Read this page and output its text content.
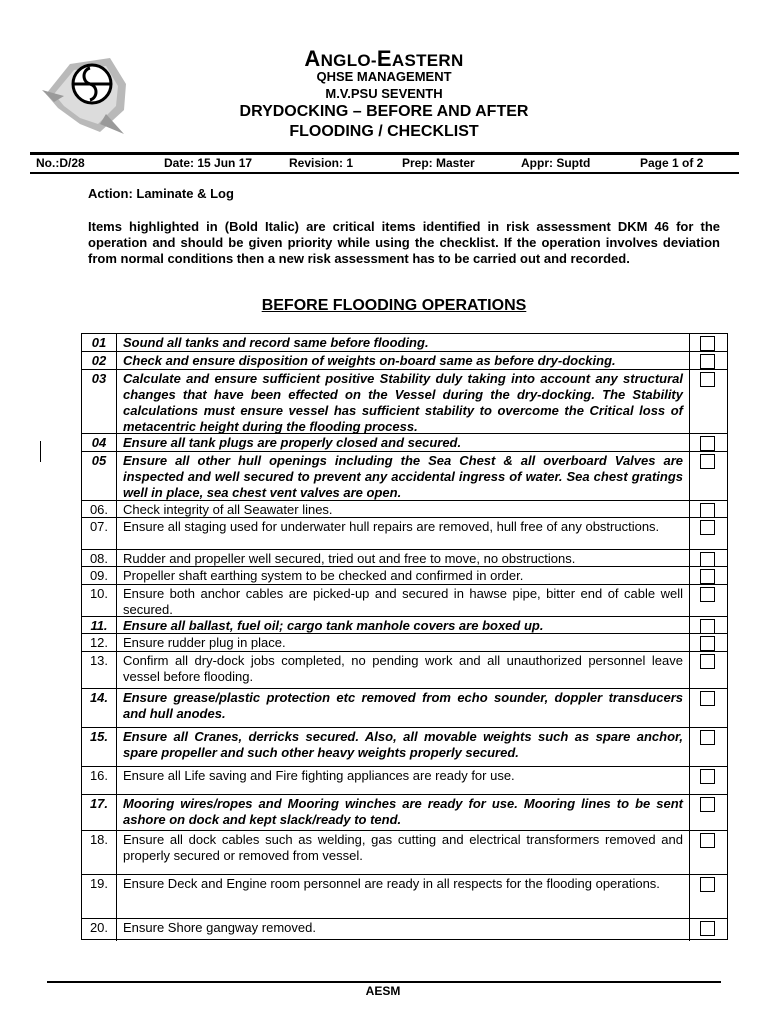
ANGLO-EASTERN
QHSE MANAGEMENT
M.V.PSU SEVENTH
DRYDOCKING – BEFORE AND AFTER
FLOODING / CHECKLIST
No.:D/28	Date: 15 Jun 17	Revision: 1	Prep: Master	Appr: Suptd	Page 1 of 2
Action: Laminate & Log
Items highlighted in (Bold Italic) are critical items identified in risk assessment DKM 46 for the operation and should be given priority while using the checklist. If the operation involves deviation from normal conditions then a new risk assessment has to be carried out and recorded.
BEFORE FLOODING OPERATIONS
01	Sound all tanks and record same before flooding.
02	Check and ensure disposition of weights on-board same as before dry-docking.
03	Calculate and ensure sufficient positive Stability duly taking into account any structural changes that have been effected on the Vessel during the dry-docking. The Stability calculations must ensure vessel has sufficient stability to overcome the Critical loss of metacentric height during the flooding process.
04	Ensure all tank plugs are properly closed and secured.
05	Ensure all other hull openings including the Sea Chest & all overboard Valves are inspected and well secured to prevent any accidental ingress of water. Sea chest gratings well in place, sea chest vent valves are open.
06.	Check integrity of all Seawater lines.
07.	Ensure all staging used for underwater hull repairs are removed, hull free of any obstructions.
08.	Rudder and propeller well secured, tried out and free to move, no obstructions.
09.	Propeller shaft earthing system to be checked and confirmed in order.
10.	Ensure both anchor cables are picked-up and secured in hawse pipe, bitter end of cable well secured.
11.	Ensure all ballast, fuel oil; cargo tank manhole covers are boxed up.
12.	Ensure rudder plug in place.
13.	Confirm all dry-dock jobs completed, no pending work and all unauthorized personnel leave vessel before flooding.
14.	Ensure grease/plastic protection etc removed from echo sounder, doppler transducers and hull anodes.
15.	Ensure all Cranes, derricks secured. Also, all movable weights such as spare anchor, spare propeller and such other heavy weights properly secured.
16.	Ensure all Life saving and Fire fighting appliances are ready for use.
17.	Mooring wires/ropes and Mooring winches are ready for use. Mooring lines to be sent ashore on dock and kept slack/ready to tend.
18.	Ensure all dock cables such as welding, gas cutting and electrical transformers removed and properly secured or removed from vessel.
19.	Ensure Deck and Engine room personnel are ready in all respects for the flooding operations.
20.	Ensure Shore gangway removed.
AESM
